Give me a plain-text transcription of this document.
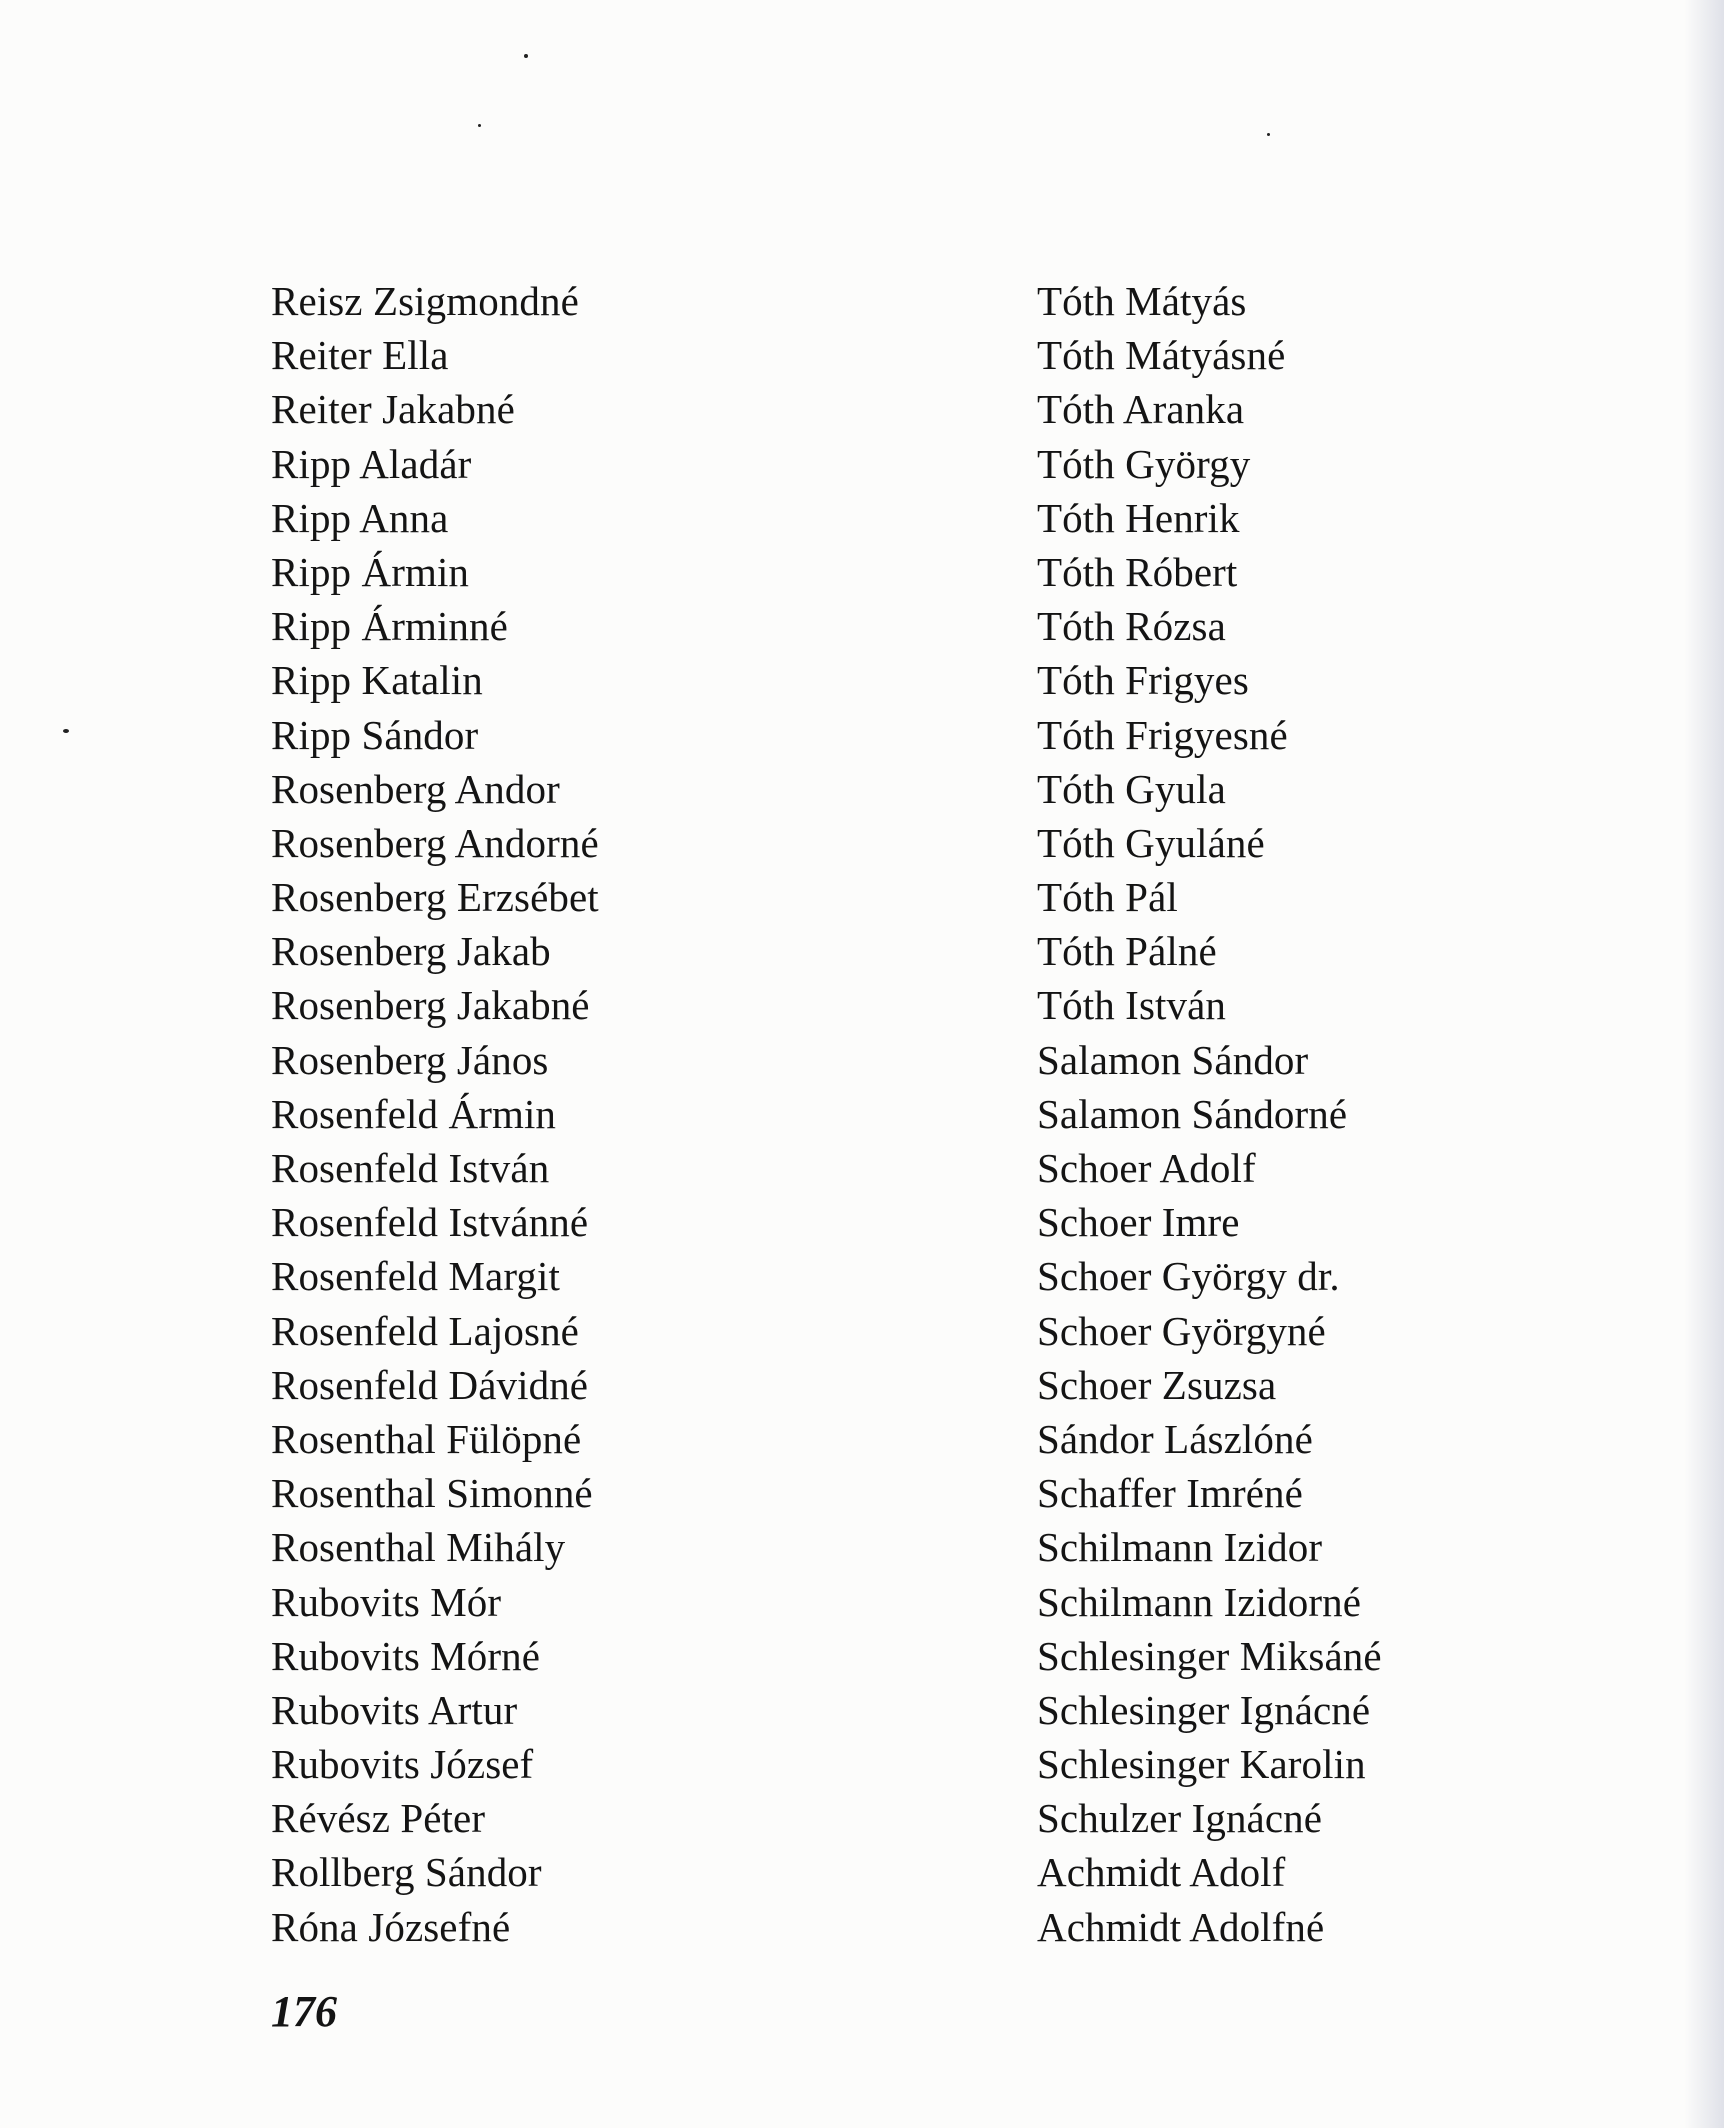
Reisz Zsigmondné
Reiter Ella
Reiter Jakabné
Ripp Aladár
Ripp Anna
Ripp Ármin
Ripp Árminné
Ripp Katalin
Ripp Sándor
Rosenberg Andor
Rosenberg Andorné
Rosenberg Erzsébet
Rosenberg Jakab
Rosenberg Jakabné
Rosenberg János
Rosenfeld Ármin
Rosenfeld István
Rosenfeld Istvánné
Rosenfeld Margit
Rosenfeld Lajosné
Rosenfeld Dávidné
Rosenthal Fülöpné
Rosenthal Simonné
Rosenthal Mihály
Rubovits Mór
Rubovits Mórné
Rubovits Artur
Rubovits József
Révész Péter
Rollberg Sándor
Róna Józsefné
Tóth Mátyás
Tóth Mátyásné
Tóth Aranka
Tóth György
Tóth Henrik
Tóth Róbert
Tóth Rózsa
Tóth Frigyes
Tóth Frigyesné
Tóth Gyula
Tóth Gyuláné
Tóth Pál
Tóth Pálné
Tóth István
Salamon Sándor
Salamon Sándorné
Schoer Adolf
Schoer Imre
Schoer György dr.
Schoer Györgyné
Schoer Zsuzsa
Sándor Lászlóné
Schaffer Imréné
Schilmann Izidor
Schilmann Izidorné
Schlesinger Miksáné
Schlesinger Ignácné
Schlesinger Karolin
Schulzer Ignácné
Achmidt Adolf
Achmidt Adolfné
176
